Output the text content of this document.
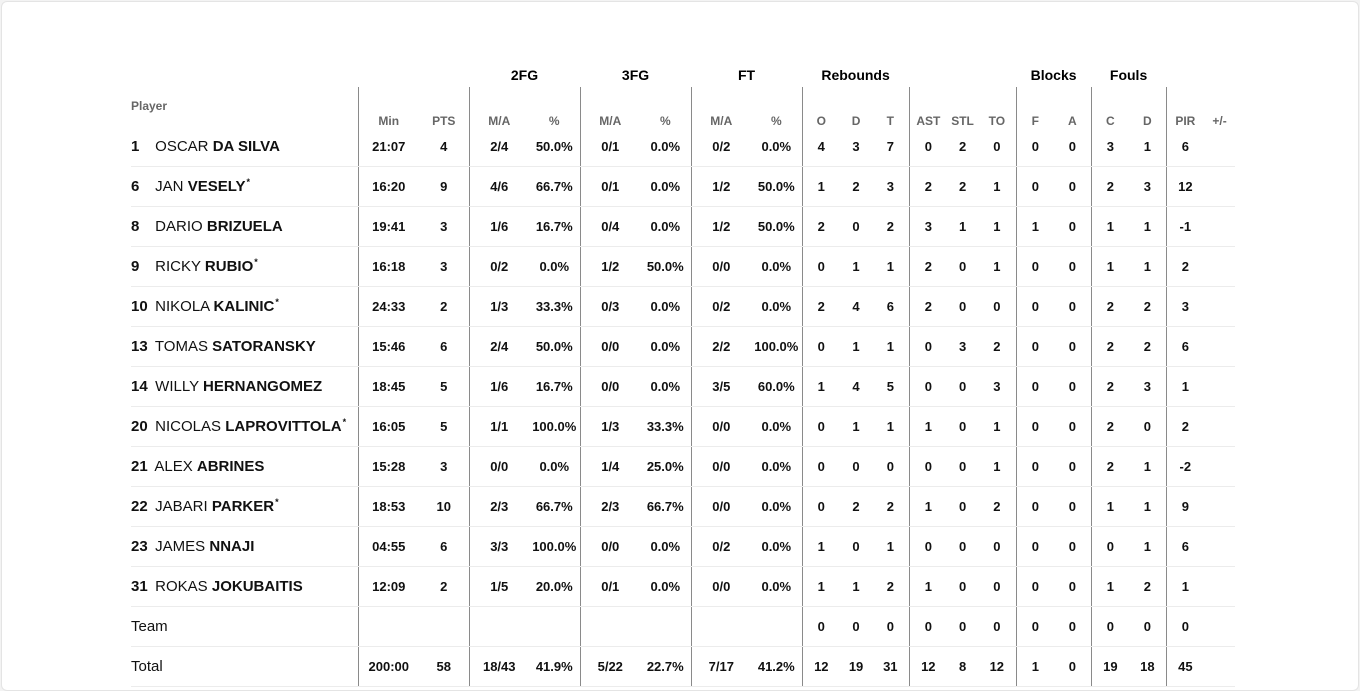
			2FG		3FG		FT		Rebounds						Blocks		Fouls			
Player	Min	PTS	M/A	%	M/A	%	M/A	%	O	D	T	AST	STL	TO	F	A	C	D	PIR	+/-
1 OSCAR DA SILVA	21:07	4	2/4	50.0%	0/1	0.0%	0/2	0.0%	4	3	7	0	2	0	0	0	3	1	6	
6 JAN VESELY*	16:20	9	4/6	66.7%	0/1	0.0%	1/2	50.0%	1	2	3	2	2	1	0	0	2	3	12	
8 DARIO BRIZUELA	19:41	3	1/6	16.7%	0/4	0.0%	1/2	50.0%	2	0	2	3	1	1	1	0	1	1	-1	
9 RICKY RUBIO*	16:18	3	0/2	0.0%	1/2	50.0%	0/0	0.0%	0	1	1	2	0	1	0	0	1	1	2	
10 NIKOLA KALINIC*	24:33	2	1/3	33.3%	0/3	0.0%	0/2	0.0%	2	4	6	2	0	0	0	0	2	2	3	
13 TOMAS SATORANSKY	15:46	6	2/4	50.0%	0/0	0.0%	2/2	100.0%	0	1	1	0	3	2	0	0	2	2	6	
14 WILLY HERNANGOMEZ	18:45	5	1/6	16.7%	0/0	0.0%	3/5	60.0%	1	4	5	0	0	3	0	0	2	3	1	
20 NICOLAS LAPROVITTOLA*	16:05	5	1/1	100.0%	1/3	33.3%	0/0	0.0%	0	1	1	1	0	1	0	0	2	0	2	
21 ALEX ABRINES	15:28	3	0/0	0.0%	1/4	25.0%	0/0	0.0%	0	0	0	0	0	1	0	0	2	1	-2	
22 JABARI PARKER*	18:53	10	2/3	66.7%	2/3	66.7%	0/0	0.0%	0	2	2	1	0	2	0	0	1	1	9	
23 JAMES NNAJI	04:55	6	3/3	100.0%	0/0	0.0%	0/2	0.0%	1	0	1	0	0	0	0	0	0	1	6	
31 ROKAS JOKUBAITIS	12:09	2	1/5	20.0%	0/1	0.0%	0/0	0.0%	1	1	2	1	0	0	0	0	1	2	1	
Team									0	0	0	0	0	0	0	0	0	0	0	
Total	200:00	58	18/43	41.9%	5/22	22.7%	7/17	41.2%	12	19	31	12	8	12	1	0	19	18	45	
